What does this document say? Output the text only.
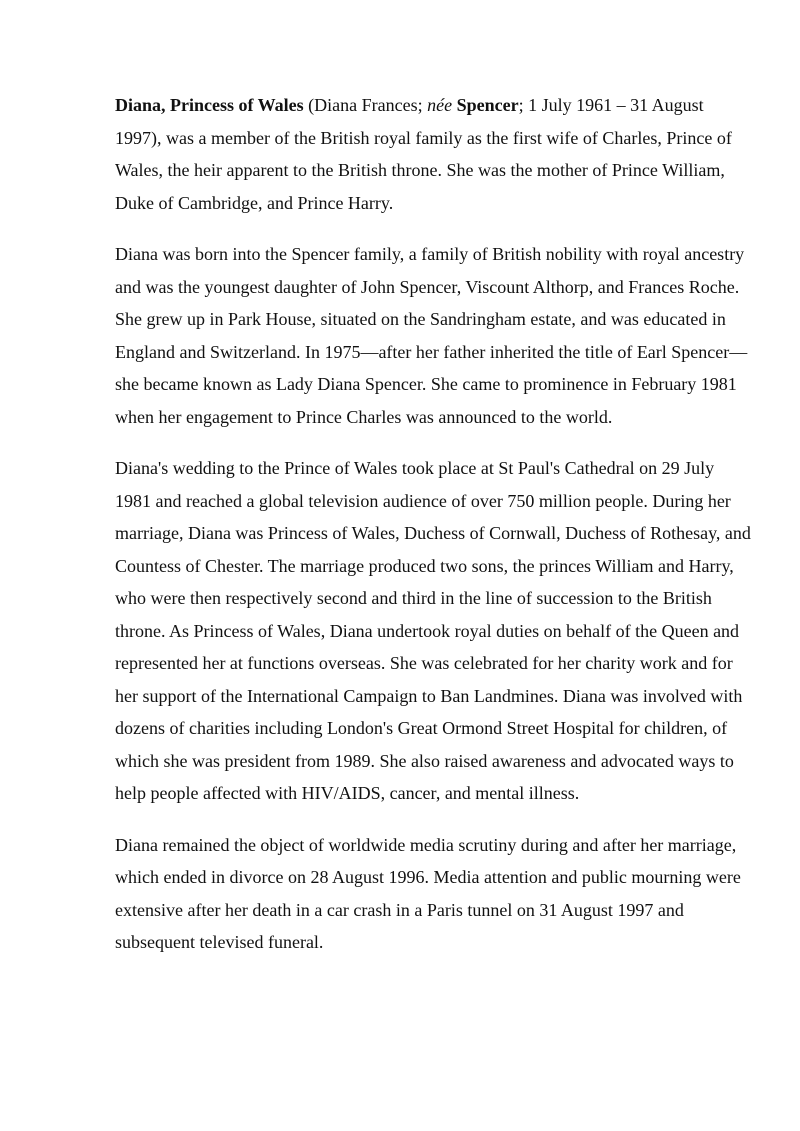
Diana, Princess of Wales (Diana Frances; née Spencer; 1 July 1961 – 31 August 1997), was a member of the British royal family as the first wife of Charles, Prince of Wales, the heir apparent to the British throne. She was the mother of Prince William, Duke of Cambridge, and Prince Harry.

Diana was born into the Spencer family, a family of British nobility with royal ancestry and was the youngest daughter of John Spencer, Viscount Althorp, and Frances Roche. She grew up in Park House, situated on the Sandringham estate, and was educated in England and Switzerland. In 1975—after her father inherited the title of Earl Spencer—she became known as Lady Diana Spencer. She came to prominence in February 1981 when her engagement to Prince Charles was announced to the world.

Diana's wedding to the Prince of Wales took place at St Paul's Cathedral on 29 July 1981 and reached a global television audience of over 750 million people. During her marriage, Diana was Princess of Wales, Duchess of Cornwall, Duchess of Rothesay, and Countess of Chester. The marriage produced two sons, the princes William and Harry, who were then respectively second and third in the line of succession to the British throne. As Princess of Wales, Diana undertook royal duties on behalf of the Queen and represented her at functions overseas. She was celebrated for her charity work and for her support of the International Campaign to Ban Landmines. Diana was involved with dozens of charities including London's Great Ormond Street Hospital for children, of which she was president from 1989. She also raised awareness and advocated ways to help people affected with HIV/AIDS, cancer, and mental illness.

Diana remained the object of worldwide media scrutiny during and after her marriage, which ended in divorce on 28 August 1996. Media attention and public mourning were extensive after her death in a car crash in a Paris tunnel on 31 August 1997 and subsequent televised funeral.
